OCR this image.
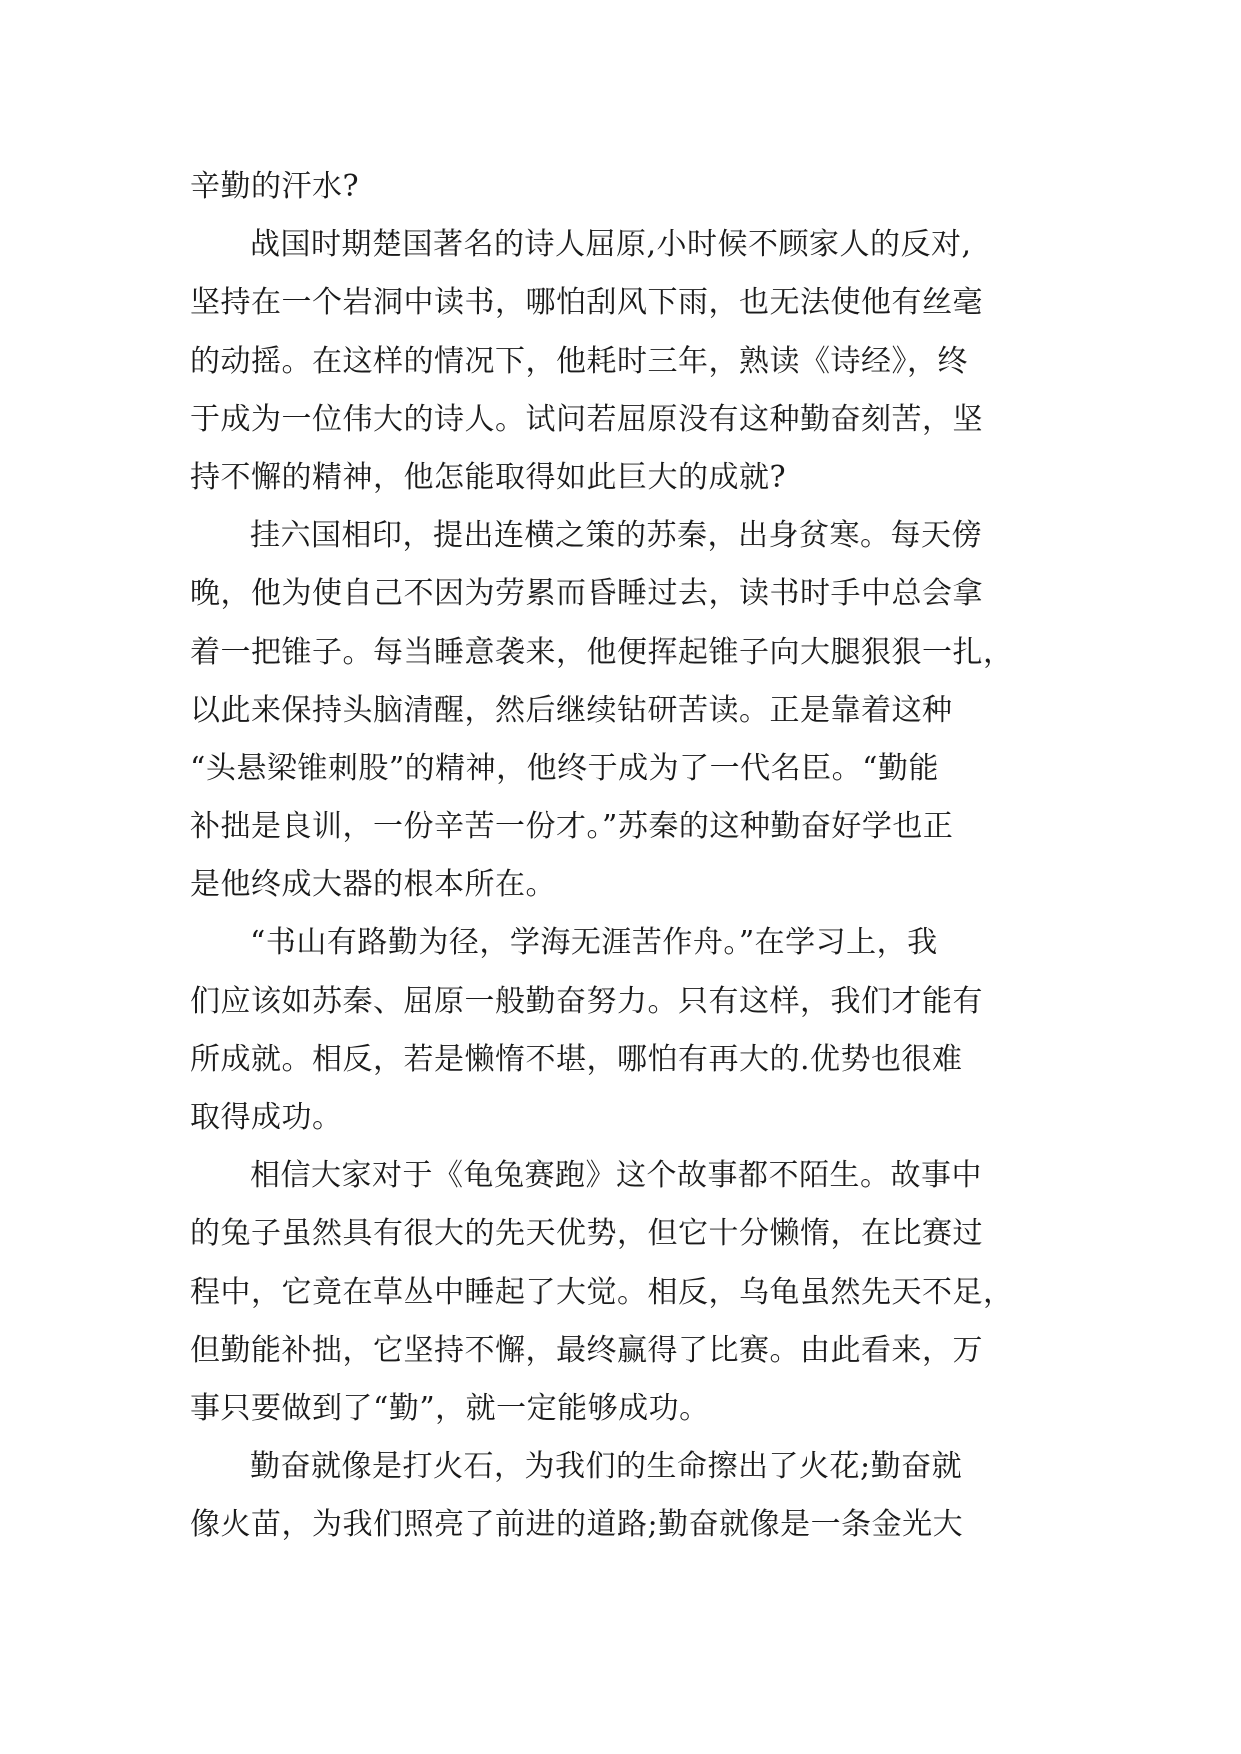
辛勤的汗水?
战国时期楚国著名的诗人屈原,小时候不顾家人的反对,
坚持在一个岩洞中读书，哪怕刮风下雨，也无法使他有丝毫
的动摇。在这样的情况下，他耗时三年，熟读《诗经》，终
于成为一位伟大的诗人。试问若屈原没有这种勤奋刻苦，坚
持不懈的精神，他怎能取得如此巨大的成就?
挂六国相印，提出连横之策的苏秦，出身贫寒。每天傍
晚，他为使自己不因为劳累而昏睡过去，读书时手中总会拿
着一把锥子。每当睡意袭来，他便挥起锥子向大腿狠狠一扎，
以此来保持头脑清醒，然后继续钻研苦读。正是靠着这种
“头悬梁锥刺股”的精神，他终于成为了一代名臣。“勤能
补拙是良训，一份辛苦一份才。”苏秦的这种勤奋好学也正
是他终成大器的根本所在。
“书山有路勤为径，学海无涯苦作舟。”在学习上，我
们应该如苏秦、屈原一般勤奋努力。只有这样，我们才能有
所成就。相反，若是懒惰不堪，哪怕有再大的.优势也很难
取得成功。
相信大家对于《龟兔赛跑》这个故事都不陌生。故事中
的兔子虽然具有很大的先天优势，但它十分懒惰，在比赛过
程中，它竟在草丛中睡起了大觉。相反，乌龟虽然先天不足，
但勤能补拙，它坚持不懈，最终赢得了比赛。由此看来，万
事只要做到了“勤”，就一定能够成功。
勤奋就像是打火石，为我们的生命擦出了火花;勤奋就
像火苗，为我们照亮了前进的道路;勤奋就像是一条金光大
